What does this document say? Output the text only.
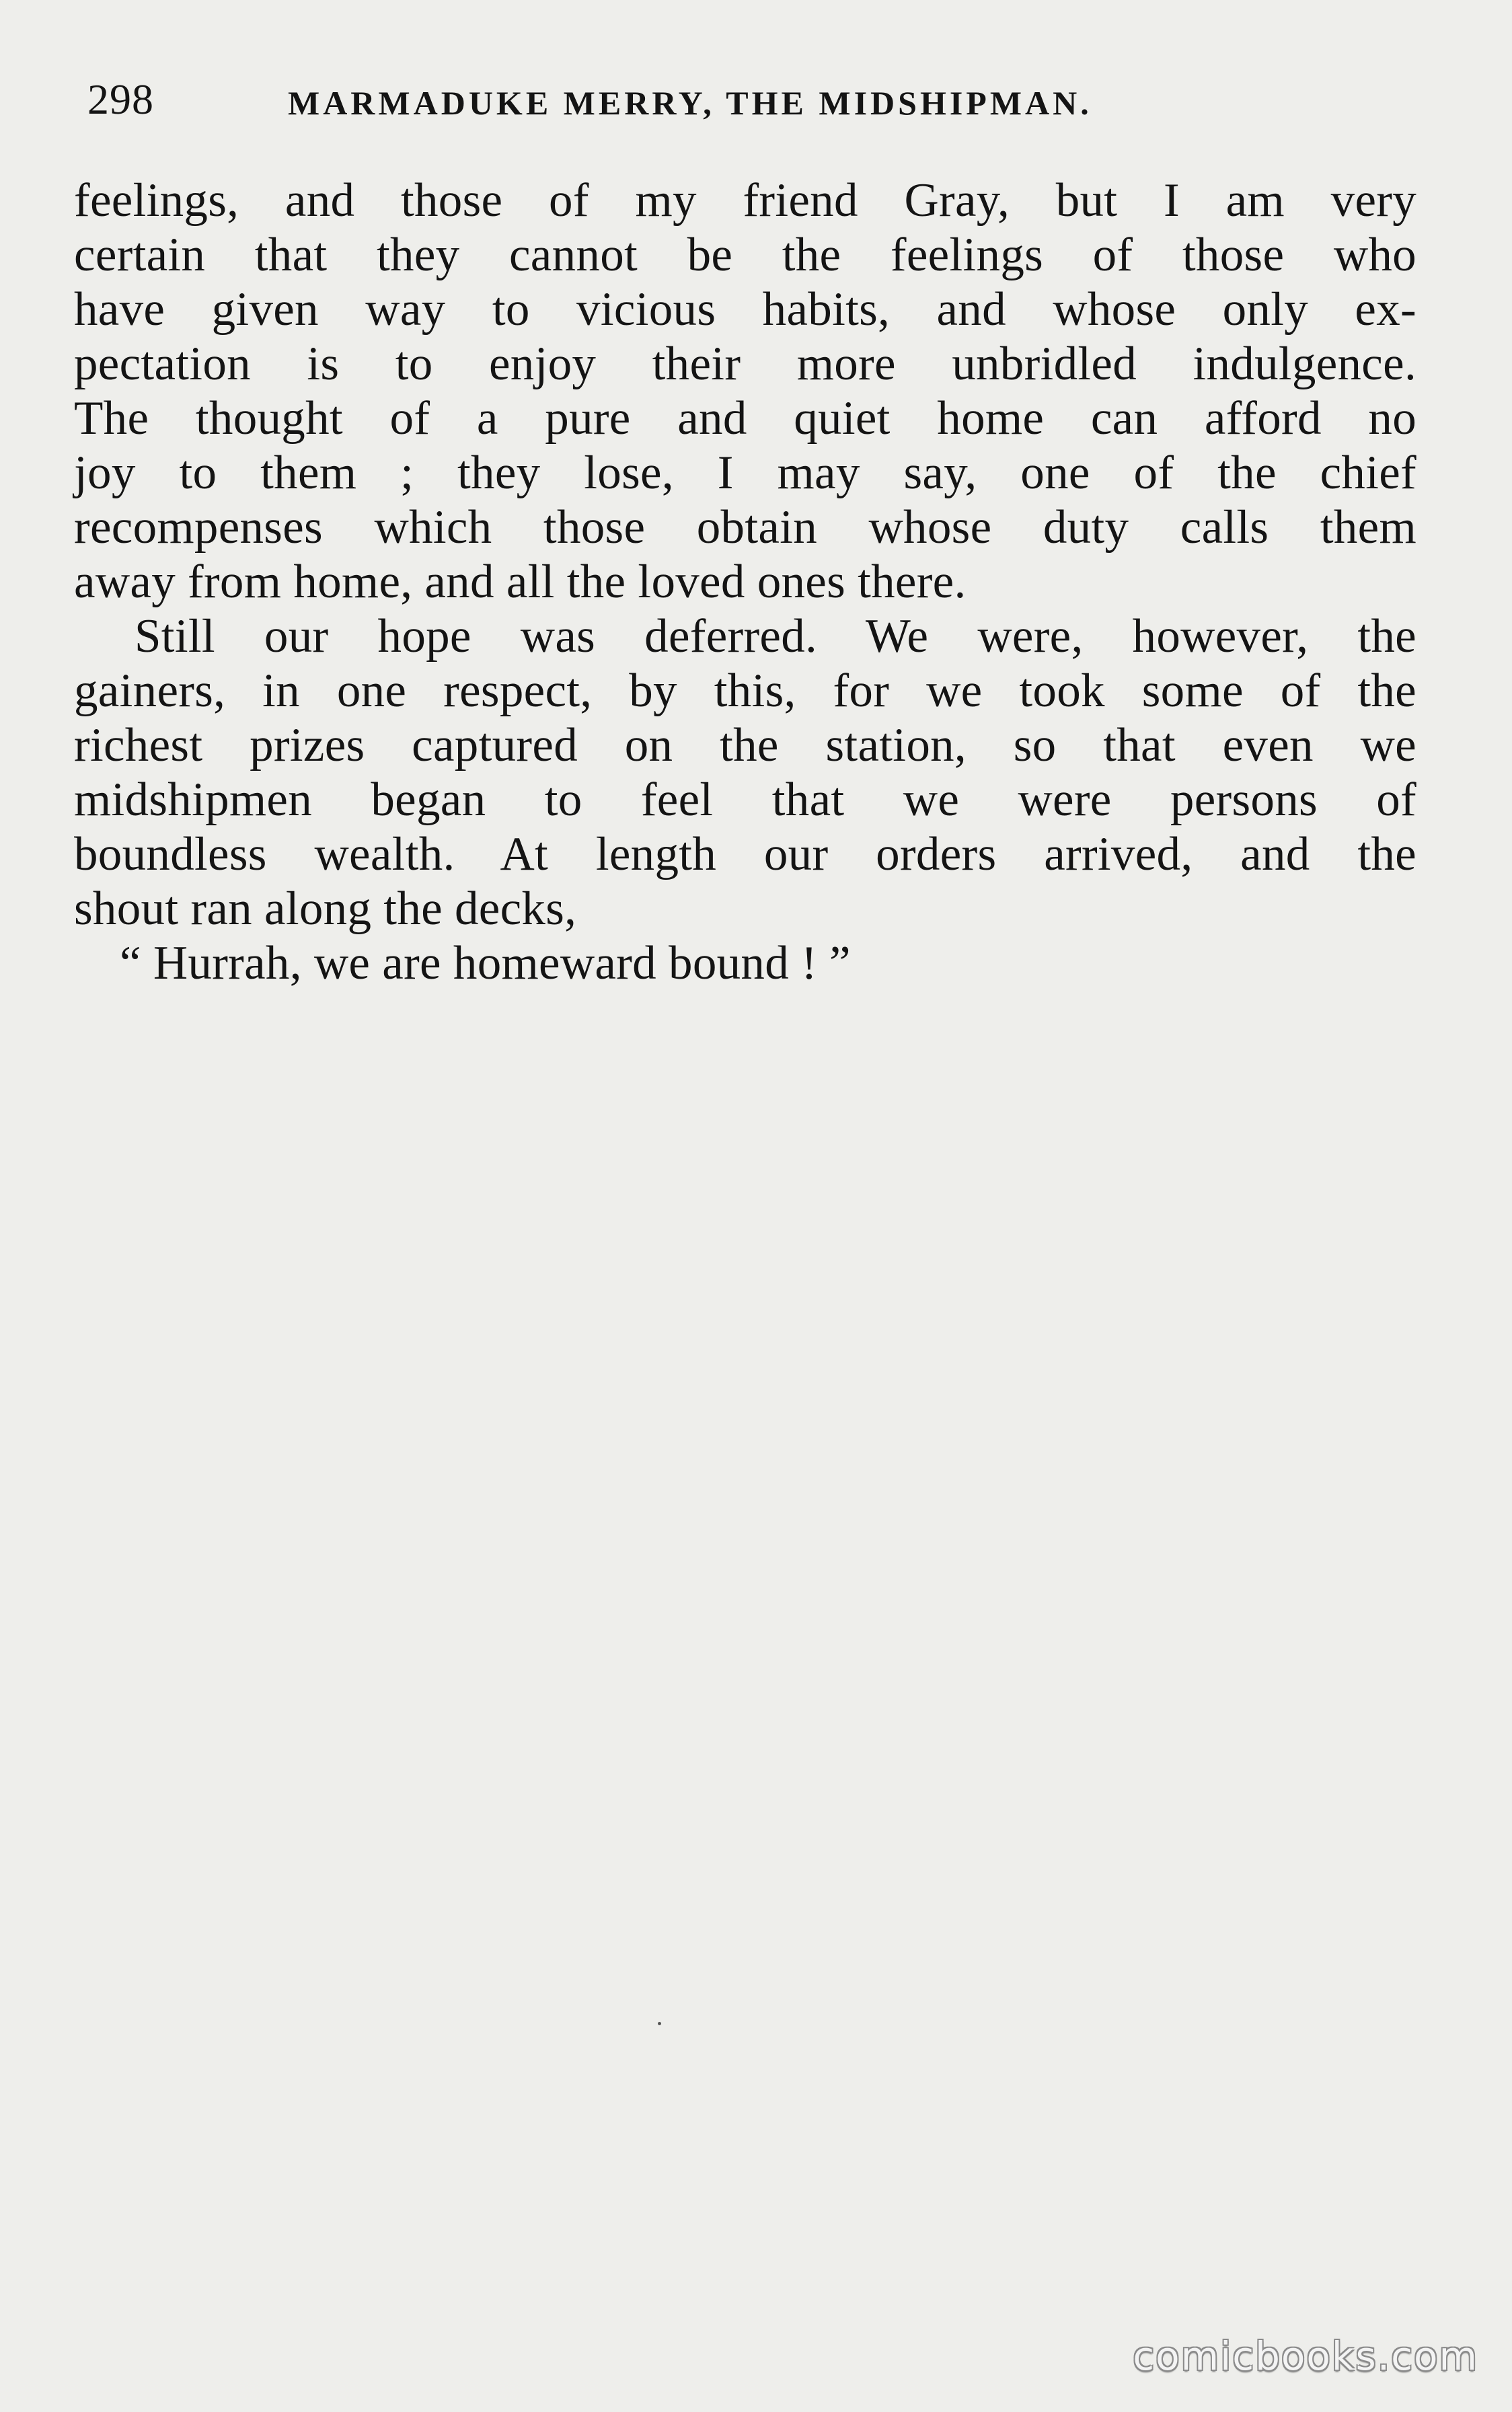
298	MARMADUKE MERRY, THE MIDSHIPMAN.
feelings, and those of my friend Gray, but I am very
certain that they cannot be the feelings of those who
have given way to vicious habits, and whose only ex-
pectation is to enjoy their more unbridled indulgence.
The thought of a pure and quiet home can afford no
joy to them ; they lose, I may say, one of the chief
recompenses which those obtain whose duty calls them
away from home, and all the loved ones there.
Still our hope was deferred. We were, however, the
gainers, in one respect, by this, for we took some of the
richest prizes captured on the station, so that even we
midshipmen began to feel that we were persons of
boundless wealth. At length our orders arrived, and the
shout ran along the decks,
“ Hurrah, we are homeward bound ! ”
comicbooks.com
